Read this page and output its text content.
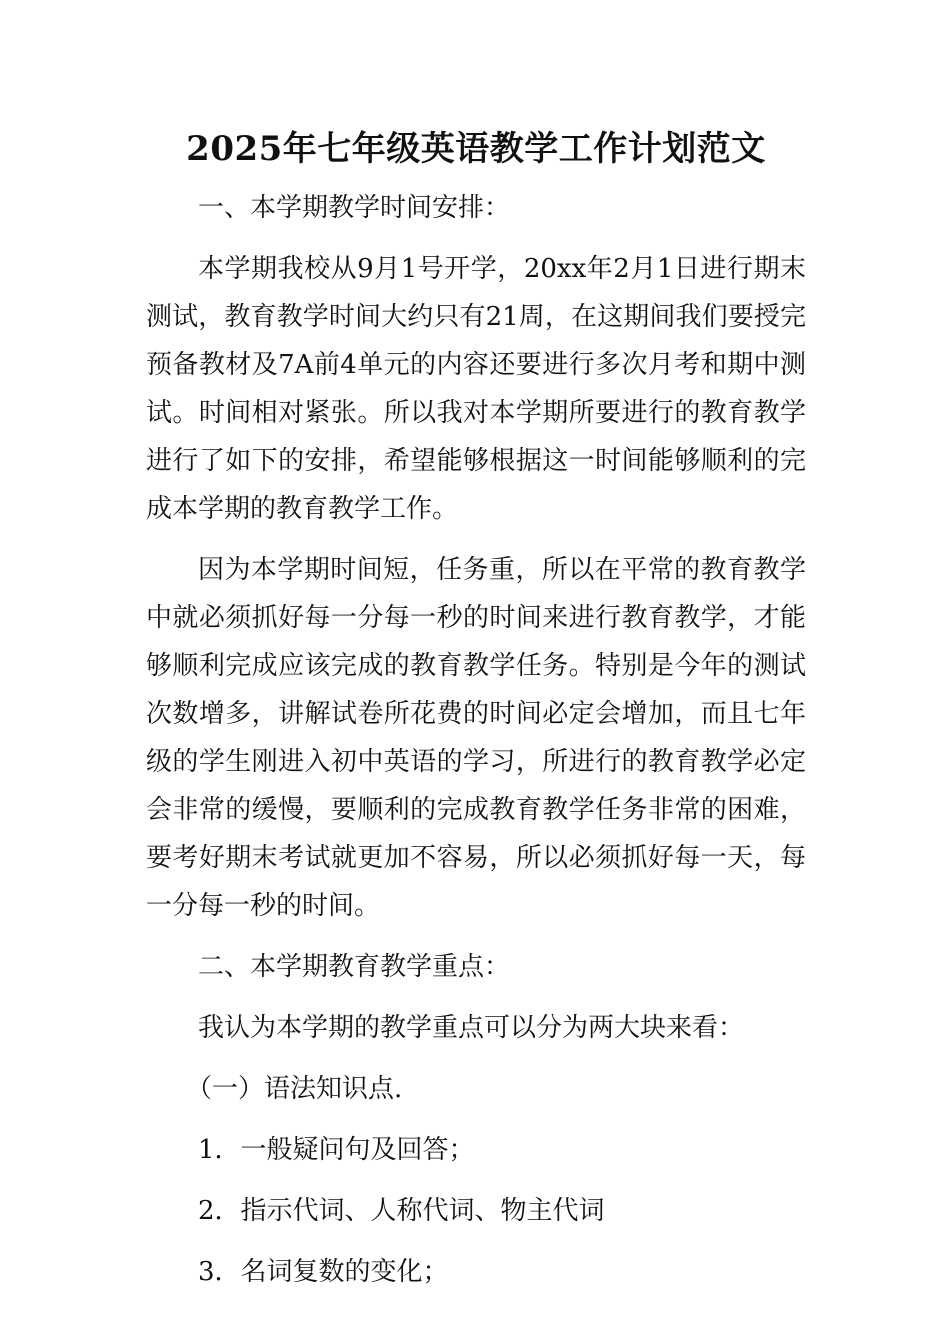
2025年七年级英语教学工作计划范文

一、本学期教学时间安排：

本学期我校从9月1号开学，20xx年2月1日进行期末测试，教育教学时间大约只有21周，在这期间我们要授完预备教材及7A前4单元的内容还要进行多次月考和期中测试。时间相对紧张。所以我对本学期所要进行的教育教学进行了如下的安排，希望能够根据这一时间能够顺利的完成本学期的教育教学工作。

因为本学期时间短，任务重，所以在平常的教育教学中就必须抓好每一分每一秒的时间来进行教育教学，才能够顺利完成应该完成的教育教学任务。特别是今年的测试次数增多，讲解试卷所花费的时间必定会增加，而且七年级的学生刚进入初中英语的学习，所进行的教育教学必定会非常的缓慢，要顺利的完成教育教学任务非常的困难，要考好期末考试就更加不容易，所以必须抓好每一天，每一分每一秒的时间。

二、本学期教育教学重点：

我认为本学期的教学重点可以分为两大块来看：

（一）语法知识点.

1．一般疑问句及回答；

2．指示代词、人称代词、物主代词

3．名词复数的变化；
